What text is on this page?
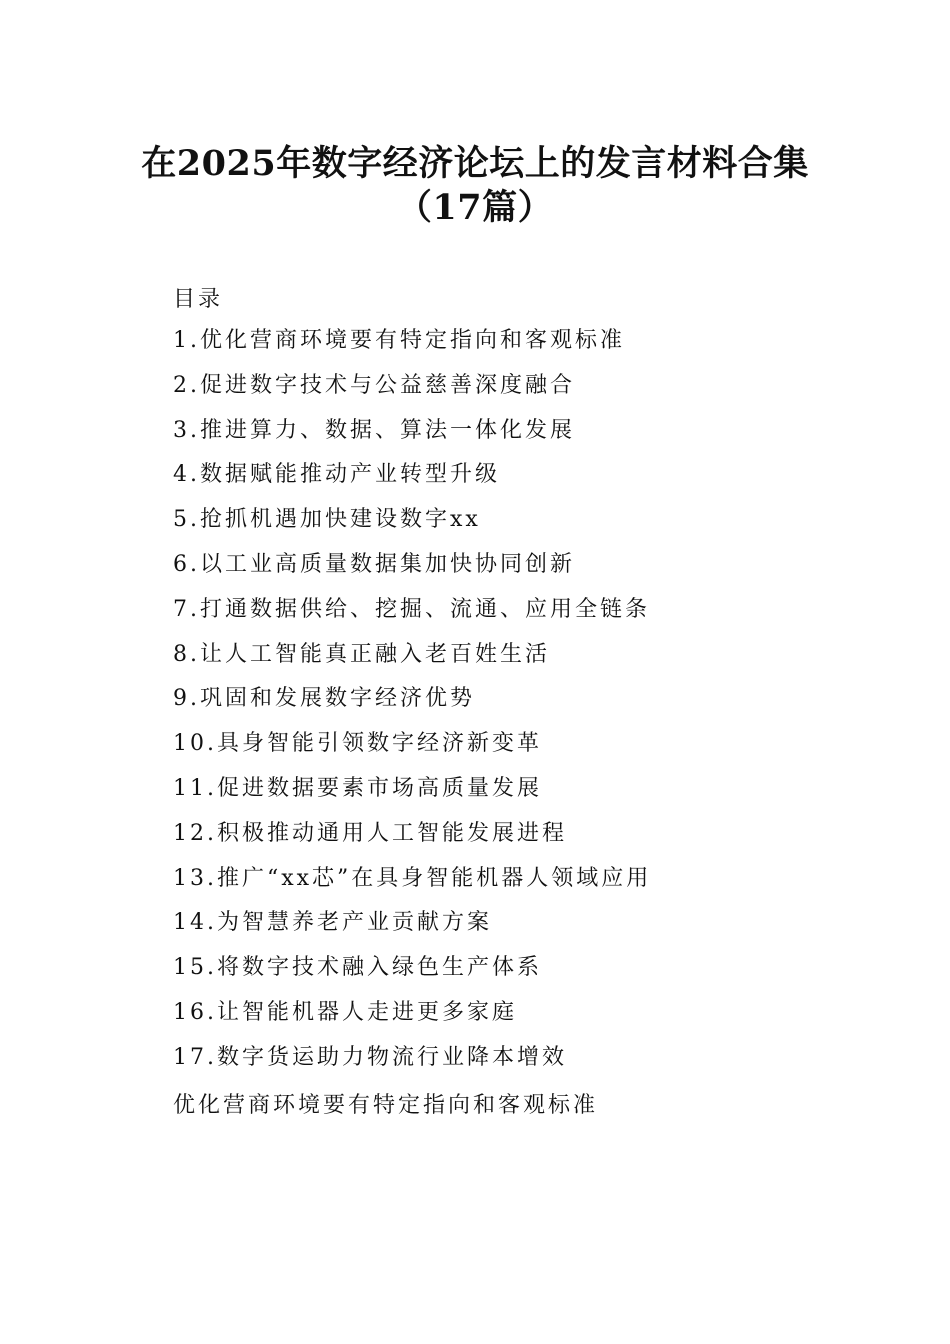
在2025年数字经济论坛上的发言材料合集
（17篇）

目录

1.优化营商环境要有特定指向和客观标准
2.促进数字技术与公益慈善深度融合
3.推进算力、数据、算法一体化发展
4.数据赋能推动产业转型升级
5.抢抓机遇加快建设数字xx
6.以工业高质量数据集加快协同创新
7.打通数据供给、挖掘、流通、应用全链条
8.让人工智能真正融入老百姓生活
9.巩固和发展数字经济优势
10.具身智能引领数字经济新变革
11.促进数据要素市场高质量发展
12.积极推动通用人工智能发展进程
13.推广“xx芯”在具身智能机器人领域应用
14.为智慧养老产业贡献方案
15.将数字技术融入绿色生产体系
16.让智能机器人走进更多家庭
17.数字货运助力物流行业降本增效

优化营商环境要有特定指向和客观标准
